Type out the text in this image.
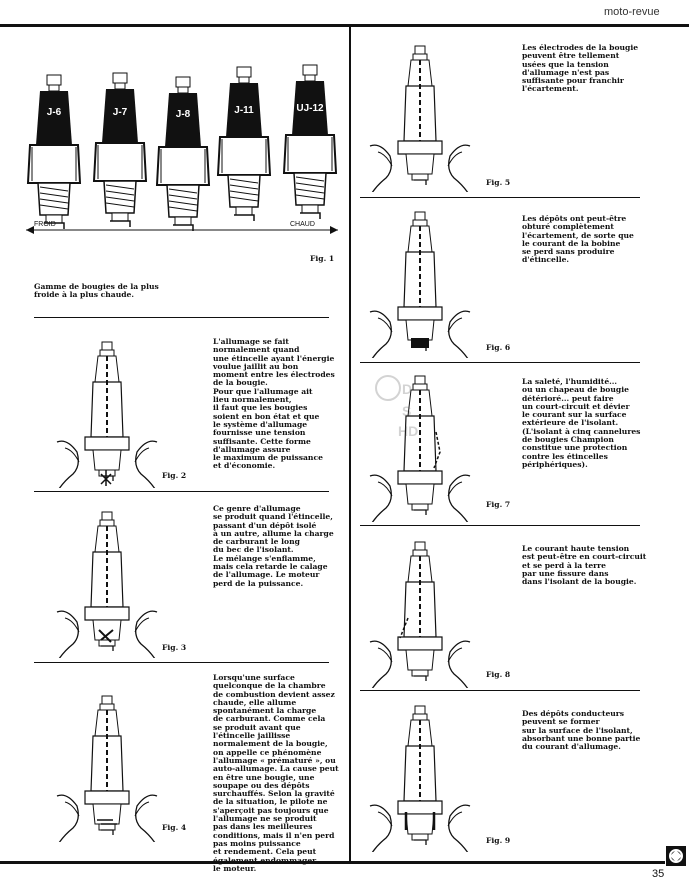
moto-revue
J-6	J-7	J-8	J-11	UJ-12
FROID	CHAUD
Fig. 1
Gamme de bougies de la plus
froide à la plus chaude.
L'allumage se fait
normalement quand
une étincelle ayant l'énergie
voulue jaillit au bon
moment entre les électrodes
de la bougie.
Pour que l'allumage ait
lieu normalement,
il faut que les bougies
soient en bon état et que
le système d'allumage
fournisse une tension
suffisante. Cette forme
d'allumage assure
le maximum de puissance
et d'économie.
Fig. 2
Ce genre d'allumage
se produit quand l'étincelle,
passant d'un dépôt isolé
à un autre, allume la charge
de carburant le long
du bec de l'isolant.
Le mélange s'enflamme,
mais cela retarde le calage
de l'allumage. Le moteur
perd de la puissance.
Fig. 3
Lorsqu'une surface
quelconque de la chambre
de combustion devient assez
chaude, elle allume
spontanément la charge
de carburant. Comme cela
se produit avant que
l'étincelle jaillisse
normalement de la bougie,
on appelle ce phénomène
l'allumage « prématuré », ou
auto-allumage. La cause peut
en être une bougie, une
soupape ou des dépôts
surchauffés. Selon la gravité
de la situation, le pilote ne
s'aperçoit pas toujours que
l'allumage ne se produit
pas dans les meilleures
conditions, mais il n'en perd
pas moins puissance
et rendement. Cela peut
également endommager
le moteur.
Fig. 4
Les électrodes de la bougie
peuvent être tellement
usées que la tension
d'allumage n'est pas
suffisante pour franchir
l'écartement.
Fig. 5
Les dépôts ont peut-être
obturé complètement
l'écartement, de sorte que
le courant de la bobine
se perd sans produire
d'étincelle.
Fig. 6
D
S
HD
La saleté, l'humidité...
ou un chapeau de bougie
détérioré... peut faire
un court-circuit et dévier
le courant sur la surface
extérieure de l'isolant.
(L'isolant à cinq cannelures
de bougies Champion
constitue une protection
contre les étincelles
périphériques).
Fig. 7
Le courant haute tension
est peut-être en court-circuit
et se perd à la terre
par une fissure dans
dans l'isolant de la bougie.
Fig. 8
Des dépôts conducteurs
peuvent se former
sur la surface de l'isolant,
absorbant une bonne partie
du courant d'allumage.
Fig. 9
35
